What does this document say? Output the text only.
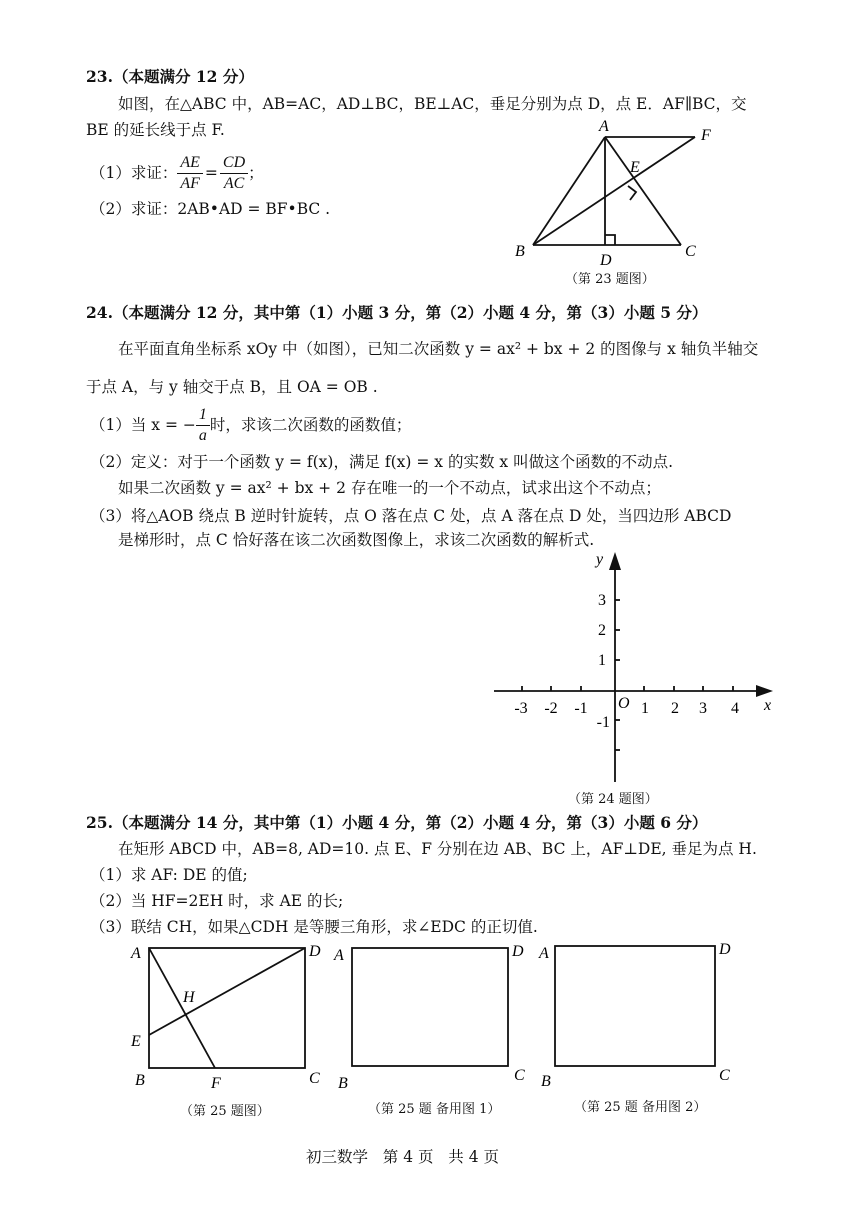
23.（本题满分 12 分）
如图，在△ABC 中，AB=AC，AD⊥BC，BE⊥AC，垂足分别为点 D，点 E．AF∥BC，交
BE 的延长线于点 F.
（1）求证： $\frac{AE}{AF} = \frac{CD}{AC}$ ；
（2）求证：2AB•AD = BF•BC .
A
F
E
B
D
C
（第 23 题图）
24.（本题满分 12 分，其中第（1）小题 3 分，第（2）小题 4 分，第（3）小题 5 分）
在平面直角坐标系 xOy 中（如图），已知二次函数 y = ax² + bx + 2 的图像与 x 轴负半轴交
于点 A，与 y 轴交于点 B，且 OA = OB .
（1）当 x = − $\frac{1}{a}$ 时，求该二次函数的函数值；
（2）定义：对于一个函数 y = f(x)，满足 f(x) = x 的实数 x 叫做这个函数的不动点.
如果二次函数 y = ax² + bx + 2 存在唯一的一个不动点，试求出这个不动点；
（3）将△AOB 绕点 B 逆时针旋转，点 O 落在点 C 处，点 A 落在点 D 处，当四边形 ABCD
是梯形时，点 C 恰好落在该二次函数图像上，求该二次函数的解析式.
x
y
O
-3 -2 -1	1 2 3 4
3
2
1
-1
（第 24 题图）
25.（本题满分 14 分，其中第（1）小题 4 分，第（2）小题 4 分，第（3）小题 6 分）
在矩形 ABCD 中，AB=8, AD=10. 点 E、F 分别在边 AB、BC 上，AF⊥DE, 垂足为点 H.
（1）求 AF: DE 的值;
（2）当 HF=2EH 时，求 AE 的长;
（3）联结 CH，如果△CDH 是等腰三角形，求∠EDC 的正切值.
A	D
H
E
B	F	C
（第 25 题图）
A	D
B	C
（第 25 题 备用图 1）
A	D
B	C
（第 25 题 备用图 2）
初三数学   第 4 页   共 4 页
